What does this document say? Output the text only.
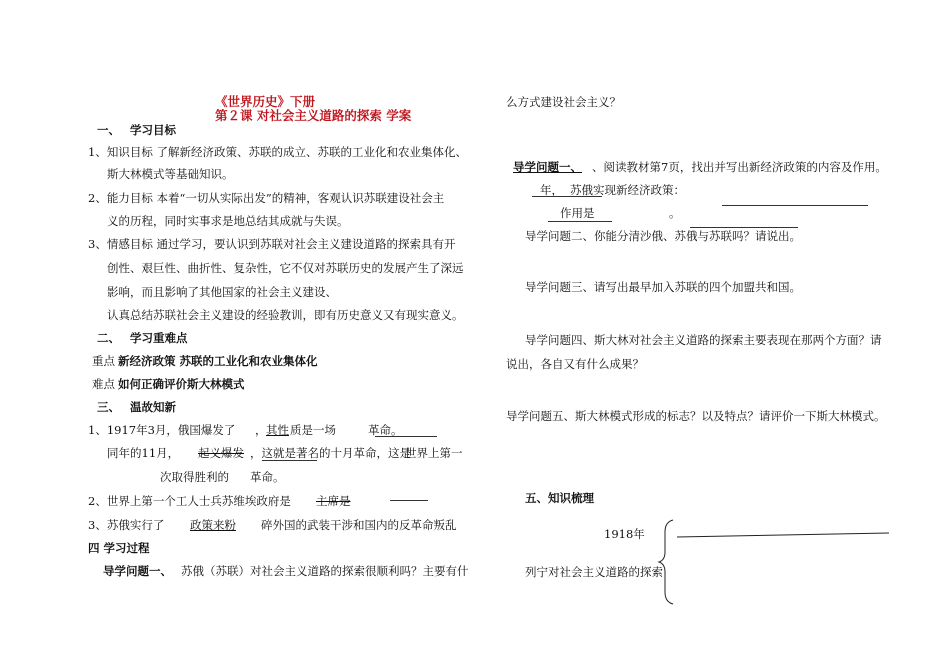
《世界历史》下册
第２课 对社会主义道路的探索 学案
一、 学习目标
1、知识目标 了解新经济政策、苏联的成立、苏联的工业化和农业集体化、
斯大林模式等基础知识。
2、能力目标 本着“一切从实际出发”的精神，客观认识苏联建设社会主
义的历程，同时实事求是地总结其成就与失误。
3、情感目标 通过学习，要认识到苏联对社会主义建设道路的探索具有开
创性、艰巨性、曲折性、复杂性，它不仅对苏联历史的发展产生了深远
影响，而且影响了其他国家的社会主义建设、
认真总结苏联社会主义建设的经验教训，即有历史意义又有现实意义。
二、 学习重难点
重点 新经济政策 苏联的工业化和农业集体化
难点 如何正确评价斯大林模式
三、 温故知新
1、1917年3月，俄国爆发了 ， 其性 质是一场	革命。
同年的11月， 起义爆发 ，这就是著名的十月革命，这是
世界上第一
次取得胜利的 革命。
2、世界上第一个工人士兵苏维埃政府是 主席是
3、苏俄实行了 政策来粉 碎外国的武装干涉和国内的反革命叛乱
四 学习过程
导学问题一、 苏俄（苏联）对社会主义道路的探索很顺利吗？主要有什
么方式建设社会主义？
导学问题一、 、阅读教材第7页，找出并写出新经济政策的内容及作用。
年， 苏俄实现新经济政策：
作用是	。
导学问题二、你能分清沙俄、苏俄与苏联吗？请说出。
导学问题三、请写出最早加入苏联的四个加盟共和国。
导学问题四、斯大林对社会主义道路的探索主要表现在那两个方面？请
说出，各自又有什么成果？
导学问题五、斯大林模式形成的标志？以及特点？请评价一下斯大林模式。
五、知识梳理
1918年
列宁对社会主义道路的探索
